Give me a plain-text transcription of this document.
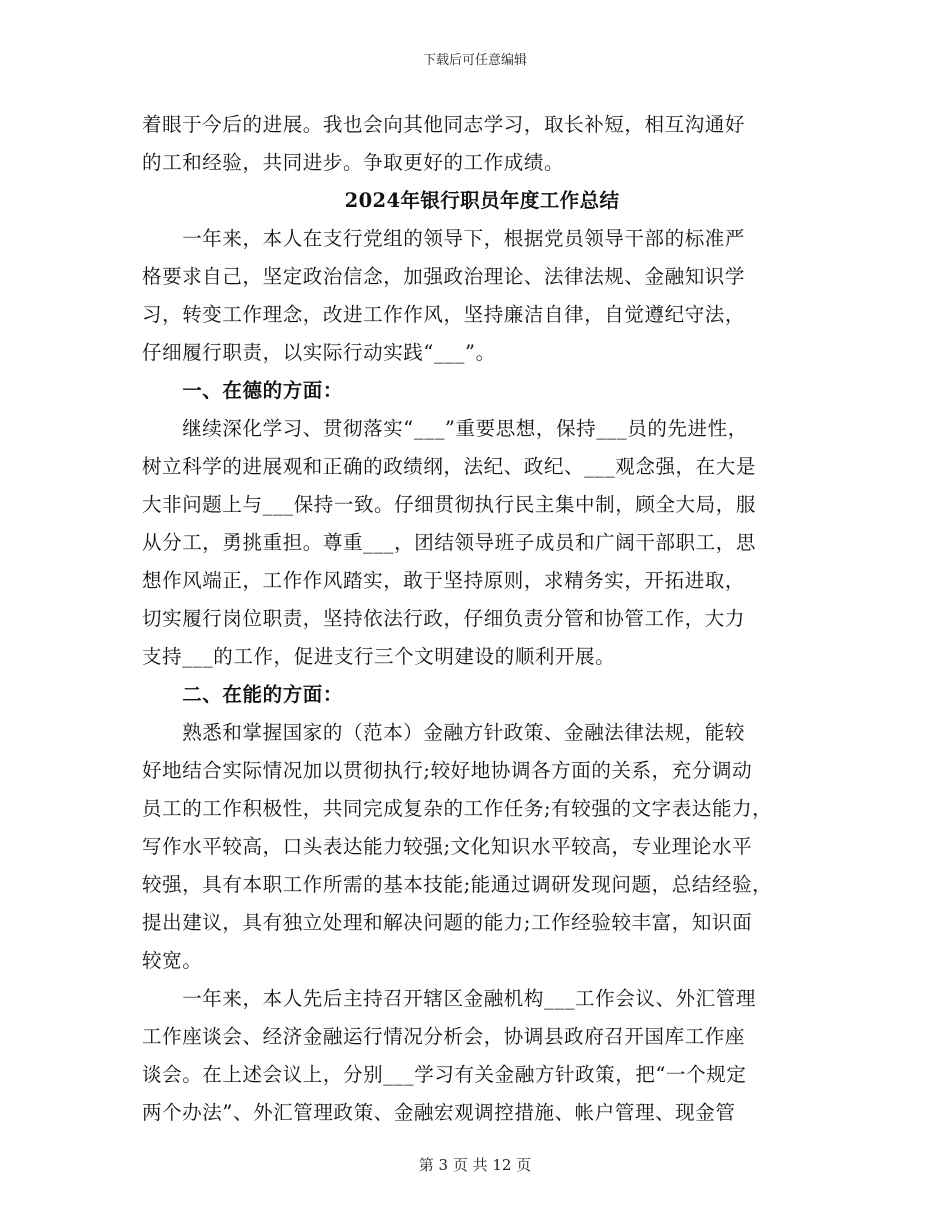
下载后可任意编辑
着眼于今后的进展。我也会向其他同志学习，取长补短，相互沟通好
的工和经验，共同进步。争取更好的工作成绩。
2024年银行职员年度工作总结
　　一年来，本人在支行党组的领导下，根据党员领导干部的标准严
格要求自己，坚定政治信念，加强政治理论、法律法规、金融知识学
习，转变工作理念，改进工作作风，坚持廉洁自律，自觉遵纪守法，
仔细履行职责，以实际行动实践“___”。
　　一、在德的方面：
　　继续深化学习、贯彻落实“___”重要思想，保持___员的先进性，
树立科学的进展观和正确的政绩纲，法纪、政纪、___观念强，在大是
大非问题上与___保持一致。仔细贯彻执行民主集中制，顾全大局，服
从分工，勇挑重担。尊重___，团结领导班子成员和广阔干部职工，思
想作风端正，工作作风踏实，敢于坚持原则，求精务实，开拓进取，
切实履行岗位职责，坚持依法行政，仔细负责分管和协管工作，大力
支持___的工作，促进支行三个文明建设的顺利开展。
　　二、在能的方面：
　　熟悉和掌握国家的（范本）金融方针政策、金融法律法规，能较
好地结合实际情况加以贯彻执行;较好地协调各方面的关系，充分调动
员工的工作积极性，共同完成复杂的工作任务;有较强的文字表达能力，
写作水平较高，口头表达能力较强;文化知识水平较高，专业理论水平
较强，具有本职工作所需的基本技能;能通过调研发现问题，总结经验，
提出建议，具有独立处理和解决问题的能力;工作经验较丰富，知识面
较宽。
　　一年来，本人先后主持召开辖区金融机构___工作会议、外汇管理
工作座谈会、经济金融运行情况分析会，协调县政府召开国库工作座
谈会。在上述会议上，分别___学习有关金融方针政策，把“一个规定
两个办法”、外汇管理政策、金融宏观调控措施、帐户管理、现金管
第 3 页 共 12 页
